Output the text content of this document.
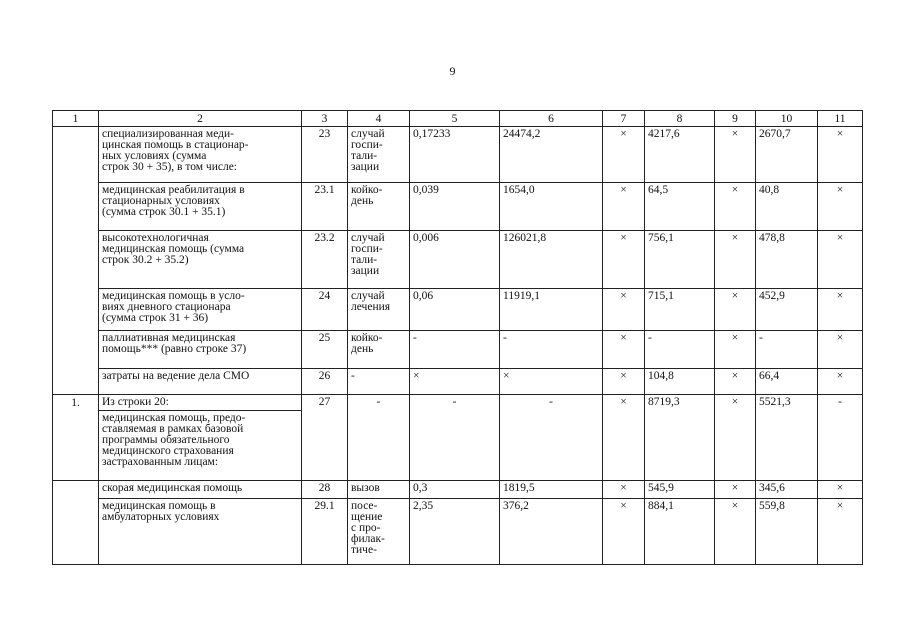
9
1	2	3	4	5	6	7	8	9	10	11
	специализированная меди-
цинская помощь в стационар-
ных условиях (сумма
строк 30 + 35), в том числе:	23	случай
госпи-
тали-
зации	0,17233	24474,2	×	4217,6	×	2670,7	×
	медицинская реабилитация в
стационарных условиях
(сумма строк 30.1 + 35.1)	23.1	койко-
день	0,039	1654,0	×	64,5	×	40,8	×
	высокотехнологичная
медицинская помощь (сумма
строк 30.2 + 35.2)	23.2	случай
госпи-
тали-
зации	0,006	126021,8	×	756,1	×	478,8	×
	медицинская помощь в усло-
виях дневного стационара
(сумма строк 31 + 36)	24	случай
лечения	0,06	11919,1	×	715,1	×	452,9	×
	паллиативная медицинская
помощь*** (равно строке 37)	25	койко-
день	-	-	×	-	×	-	×
	затраты на ведение дела СМО	26	-	×	×	×	104,8	×	66,4	×
1.	Из строки 20:	27	-	-	-	×	8719,3	×	5521,3	-
	медицинская помощь, предо-
ставляемая в рамках базовой
программы обязательного
медицинского страхования
застрахованным лицам:									
	скорая медицинская помощь	28	вызов	0,3	1819,5	×	545,9	×	345,6	×
	медицинская помощь в
амбулаторных условиях	29.1	посе-
щение
с про-
филак-
тиче-	2,35	376,2	×	884,1	×	559,8	×
